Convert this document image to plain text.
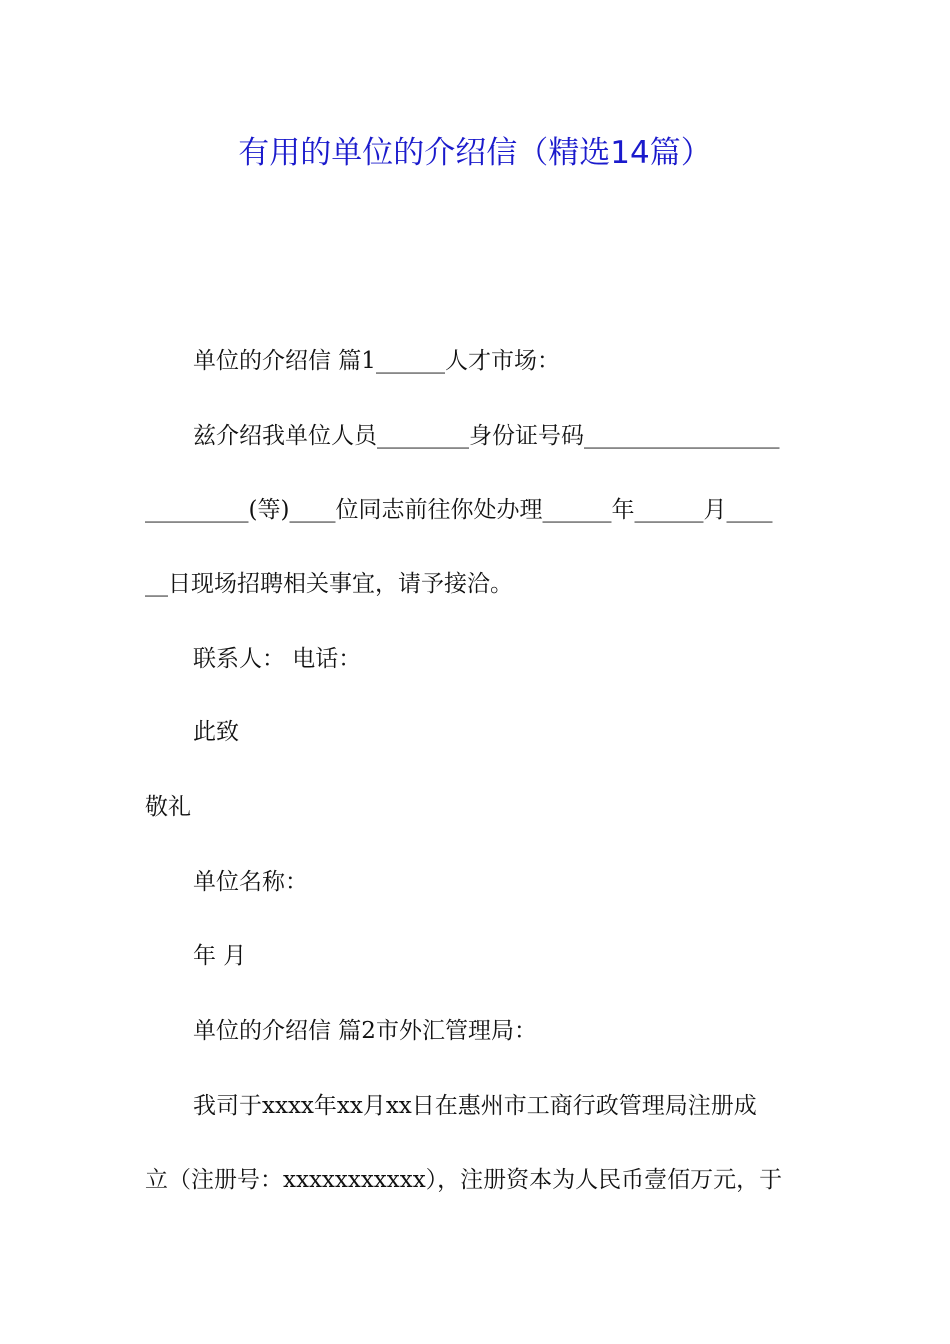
有用的单位的介绍信（精选14篇）
单位的介绍信 篇1______人才市场：
兹介绍我单位人员________身份证号码_________________
_________(等)____位同志前往你处办理______年______月____
__日现场招聘相关事宜，请予接洽。
联系人： 电话：
此致
敬礼
单位名称：
年 月
单位的介绍信 篇2市外汇管理局：
我司于xxxx年xx月xx日在惠州市工商行政管理局注册成
立（注册号：xxxxxxxxxxx），注册资本为人民币壹佰万元，于
